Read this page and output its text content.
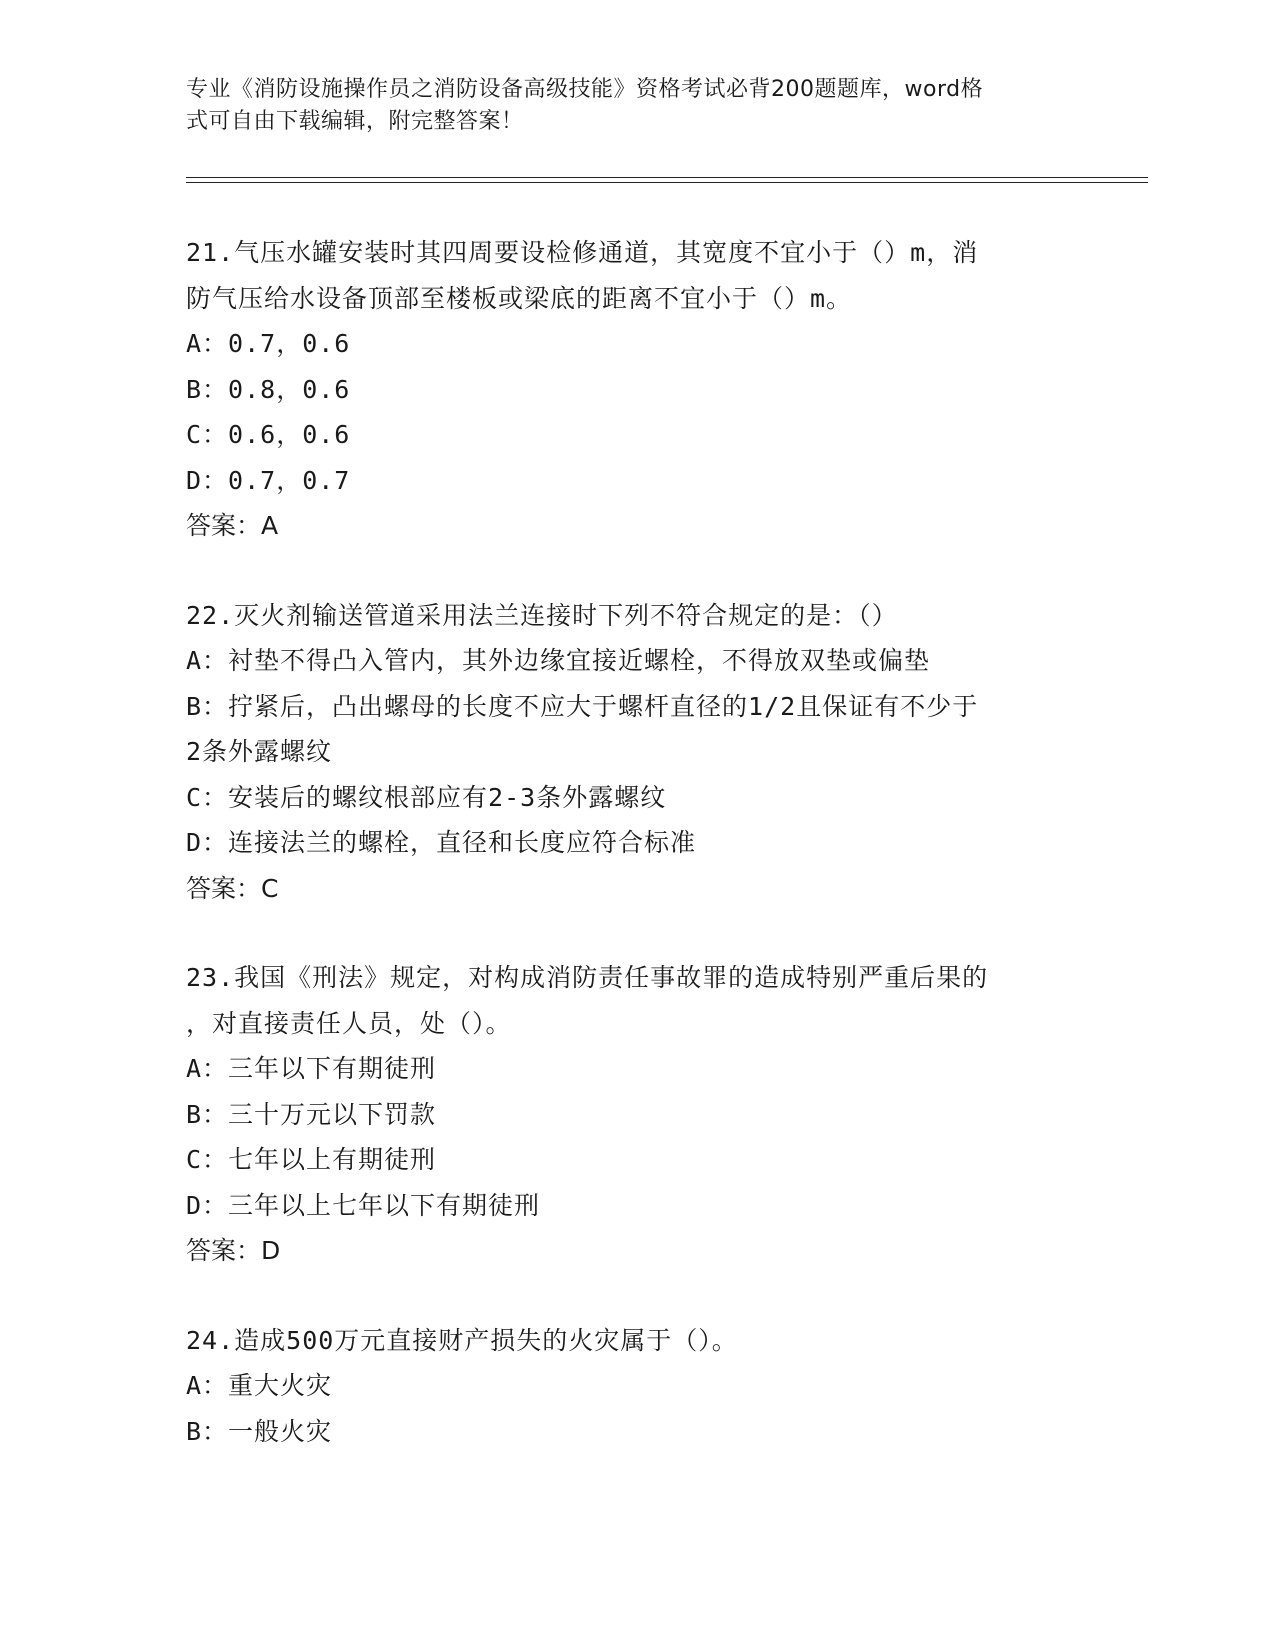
专业《消防设施操作员之消防设备高级技能》资格考试必背200题题库，word格
式可自由下载编辑，附完整答案！
21.气压水罐安装时其四周要设检修通道，其宽度不宜小于（）m，消
防气压给水设备顶部至楼板或梁底的距离不宜小于（）m。
A：0.7，0.6
B：0.8，0.6
C：0.6，0.6
D：0.7，0.7
答案：A
22.灭火剂输送管道采用法兰连接时下列不符合规定的是：（）
A：衬垫不得凸入管内，其外边缘宜接近螺栓，不得放双垫或偏垫
B：拧紧后，凸出螺母的长度不应大于螺杆直径的1/2且保证有不少于
2条外露螺纹
C：安装后的螺纹根部应有2-3条外露螺纹
D：连接法兰的螺栓，直径和长度应符合标准
答案：C
23.我国《刑法》规定，对构成消防责任事故罪的造成特别严重后果的
，对直接责任人员，处（）。
A：三年以下有期徒刑
B：三十万元以下罚款
C：七年以上有期徒刑
D：三年以上七年以下有期徒刑
答案：D
24.造成500万元直接财产损失的火灾属于（）。
A：重大火灾
B：一般火灾
